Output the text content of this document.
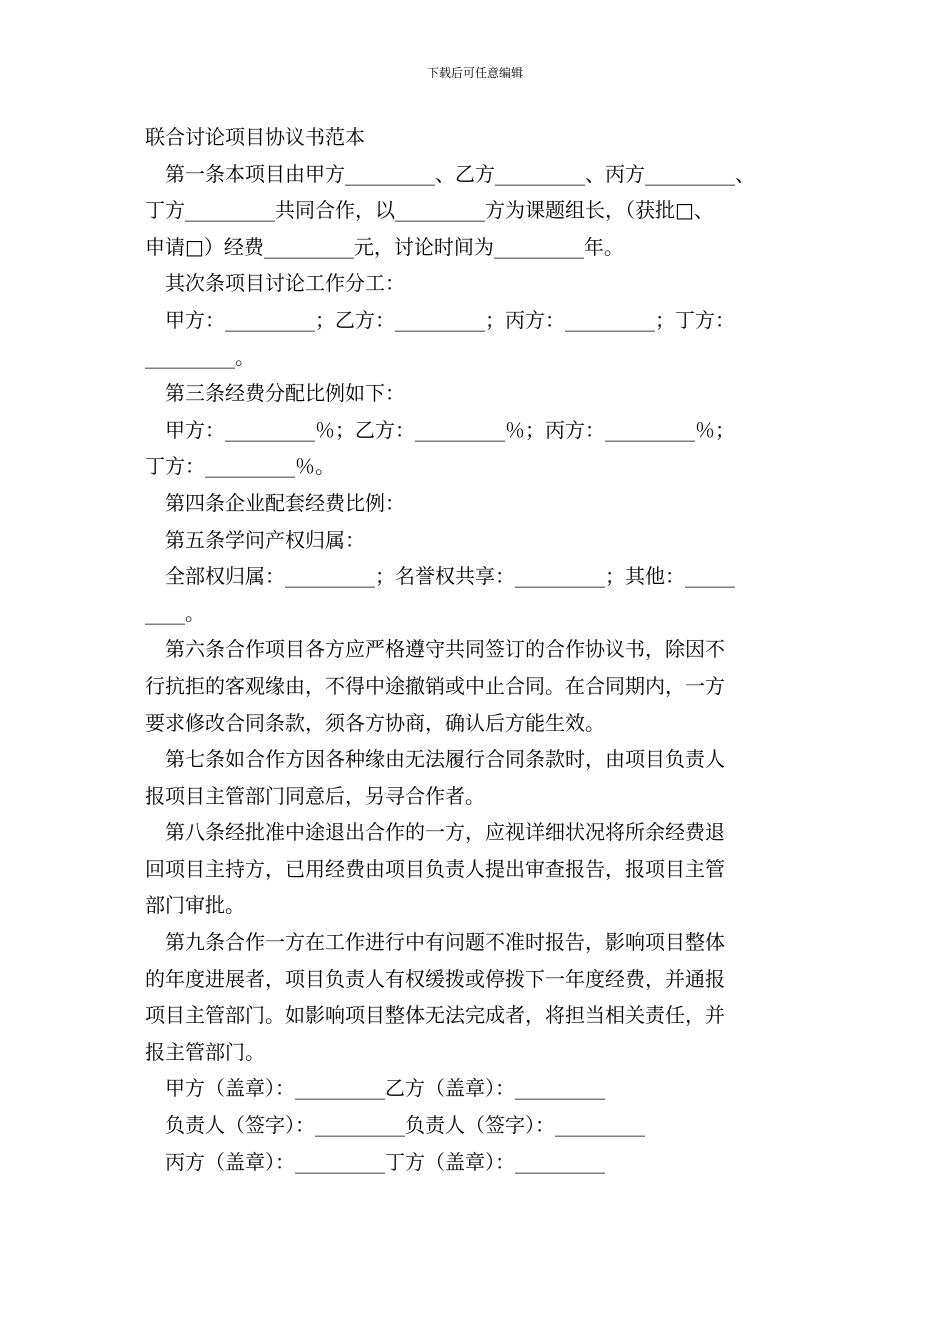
下载后可任意编辑
联合讨论项目协议书范本
第一条本项目由甲方_________、乙方_________、丙方_________、
丁方_________共同合作，以_________方为课题组长，（获批□、
申请□）经费_________元，讨论时间为_________年。
其次条项目讨论工作分工：
甲方：_________；乙方：_________；丙方：_________；丁方：
_________。
第三条经费分配比例如下：
甲方：_________％；乙方：_________％；丙方：_________％；
丁方：_________％。
第四条企业配套经费比例：
第五条学问产权归属：
全部权归属：_________；名誉权共享：_________；其他：_____
____。
第六条合作项目各方应严格遵守共同签订的合作协议书，除因不
行抗拒的客观缘由，不得中途撤销或中止合同。在合同期内，一方
要求修改合同条款，须各方协商，确认后方能生效。
第七条如合作方因各种缘由无法履行合同条款时，由项目负责人
报项目主管部门同意后，另寻合作者。
第八条经批准中途退出合作的一方，应视详细状况将所余经费退
回项目主持方，已用经费由项目负责人提出审查报告，报项目主管
部门审批。
第九条合作一方在工作进行中有问题不准时报告，影响项目整体
的年度进展者，项目负责人有权缓拨或停拨下一年度经费，并通报
项目主管部门。如影响项目整体无法完成者，将担当相关责任，并
报主管部门。
甲方（盖章）：_________乙方（盖章）：_________
负责人（签字）：_________负责人（签字）：_________
丙方（盖章）：_________丁方（盖章）：_________
